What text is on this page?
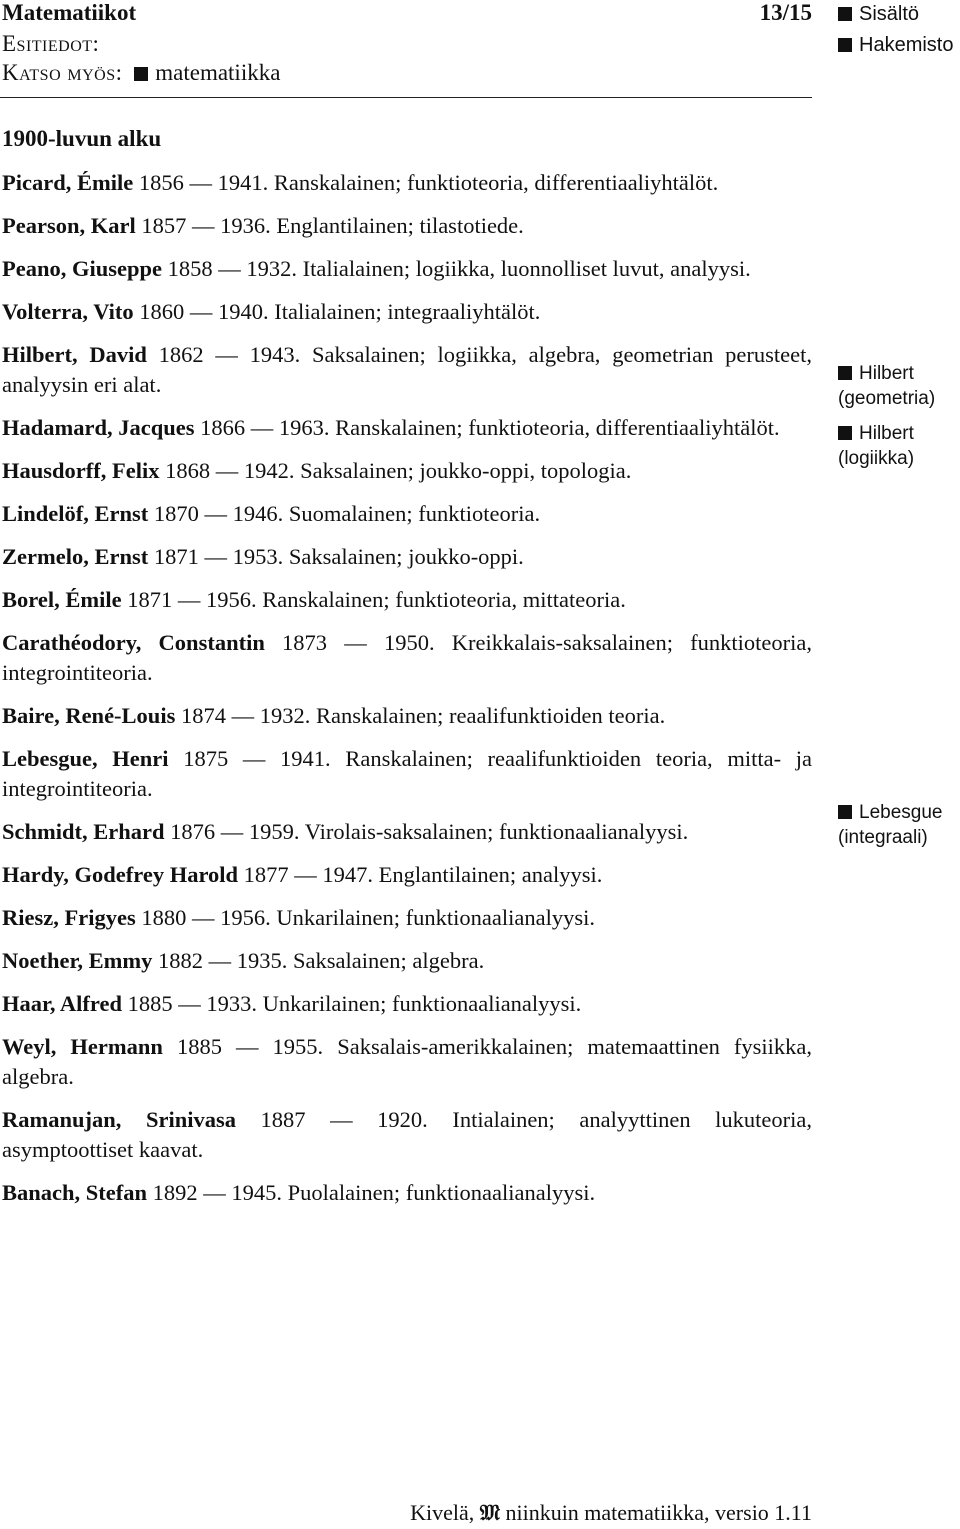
Matematiikot	13/15
Esitiedot:
Katso myös: matematiikka
Sisältö
Hakemisto
1900-luvun alku

Picard, Émile 1856 — 1941. Ranskalainen; funktioteoria, differentiaaliyhtälöt.

Pearson, Karl 1857 — 1936. Englantilainen; tilastotiede.

Peano, Giuseppe 1858 — 1932. Italialainen; logiikka, luonnolliset luvut, analyysi.

Volterra, Vito 1860 — 1940. Italialainen; integraaliyhtälöt.

Hilbert, David 1862 — 1943. Saksalainen; logiikka, algebra, geometrian perusteet, analyysin eri alat.

Hadamard, Jacques 1866 — 1963. Ranskalainen; funktioteoria, differentiaaliyhtälöt.

Hausdorff, Felix 1868 — 1942. Saksalainen; joukko-oppi, topologia.

Lindelöf, Ernst 1870 — 1946. Suomalainen; funktioteoria.

Zermelo, Ernst 1871 — 1953. Saksalainen; joukko-oppi.

Borel, Émile 1871 — 1956. Ranskalainen; funktioteoria, mittateoria.

Carathéodory, Constantin 1873 — 1950. Kreikkalais-saksalainen; funktioteoria, integrointiteoria.

Baire, René-Louis 1874 — 1932. Ranskalainen; reaalifunktioiden teoria.

Lebesgue, Henri 1875 — 1941. Ranskalainen; reaalifunktioiden teoria, mitta- ja integrointiteoria.

Schmidt, Erhard 1876 — 1959. Virolais-saksalainen; funktionaalianalyysi.

Hardy, Godefrey Harold 1877 — 1947. Englantilainen; analyysi.

Riesz, Frigyes 1880 — 1956. Unkarilainen; funktionaalianalyysi.

Noether, Emmy 1882 — 1935. Saksalainen; algebra.

Haar, Alfred 1885 — 1933. Unkarilainen; funktionaalianalyysi.

Weyl, Hermann 1885 — 1955. Saksalais-amerikkalainen; matemaattinen fysiikka, algebra.

Ramanujan, Srinivasa 1887 — 1920. Intialainen; analyyttinen lukuteoria, asymptoottiset kaavat.

Banach, Stefan 1892 — 1945. Puolalainen; funktionaalianalyysi.

Hilbert
(geometria)
Hilbert
(logiikka)
Lebesgue
(integraali)
Kivelä, 𝔐 niinkuin matematiikka, versio 1.11
